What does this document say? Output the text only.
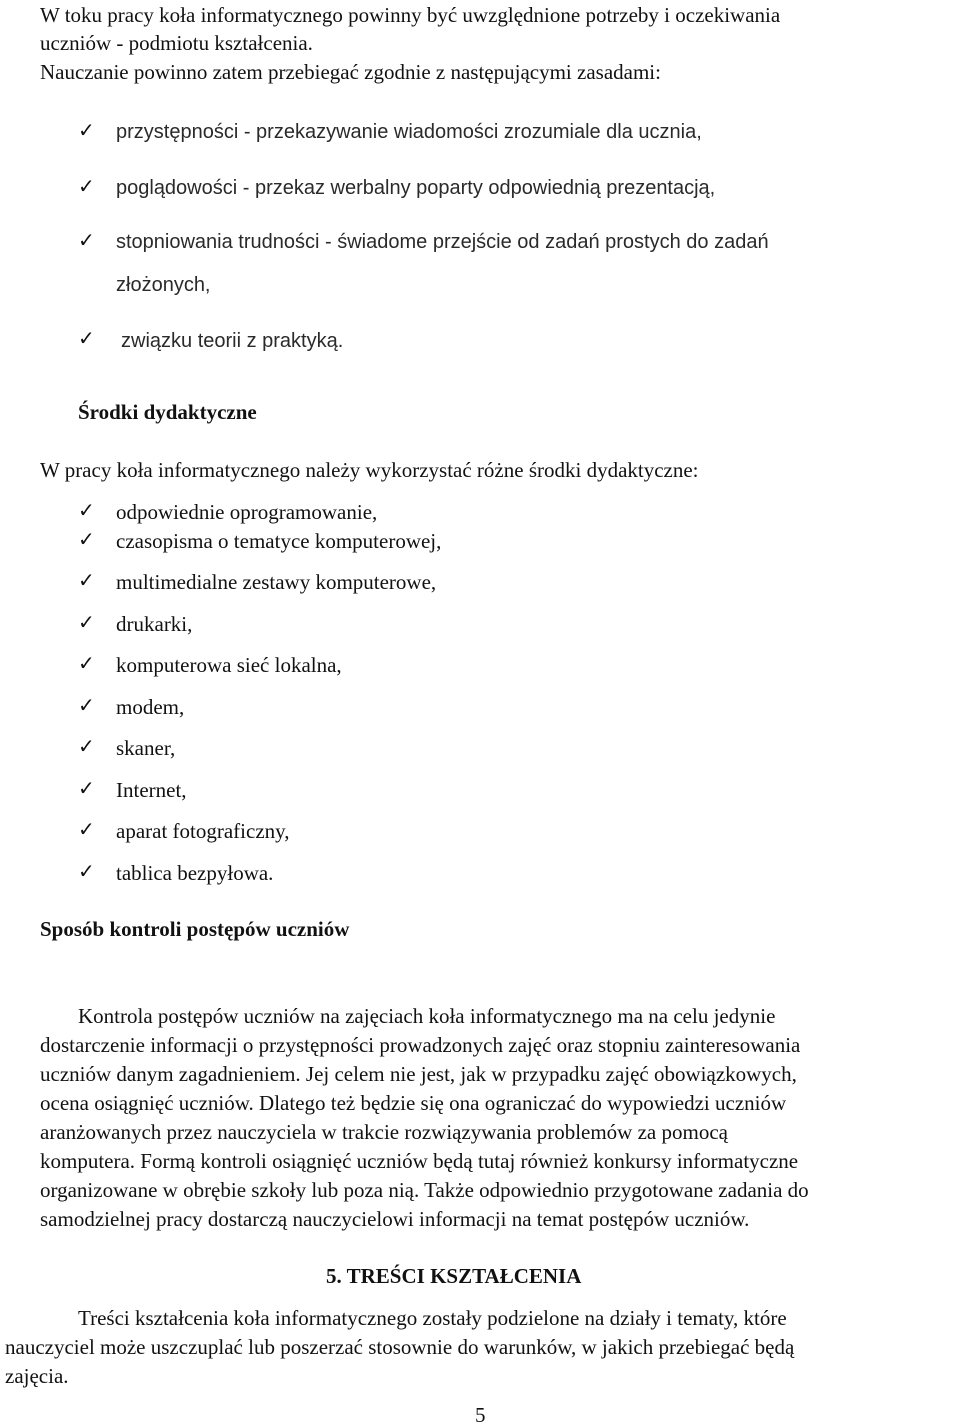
W toku pracy koła informatycznego powinny być uwzględnione potrzeby i oczekiwania
uczniów - podmiotu kształcenia.
Nauczanie powinno zatem przebiegać zgodnie z następującymi zasadami:
✓ przystępności - przekazywanie wiadomości zrozumiale dla ucznia,
✓ poglądowości - przekaz werbalny poparty odpowiednią prezentacją,
✓ stopniowania trudności - świadome przejście od zadań prostych do zadań
złożonych,
✓ związku teorii z praktyką.
Środki dydaktyczne
W pracy koła informatycznego należy wykorzystać różne środki dydaktyczne:
✓ odpowiednie oprogramowanie,
✓ czasopisma o tematyce komputerowej,
✓ multimedialne zestawy komputerowe,
✓ drukarki,
✓ komputerowa sieć lokalna,
✓ modem,
✓ skaner,
✓ Internet,
✓ aparat fotograficzny,
✓ tablica bezpyłowa.
Sposób kontroli postępów uczniów
Kontrola postępów uczniów na zajęciach koła informatycznego ma na celu jedynie
dostarczenie informacji o przystępności prowadzonych zajęć oraz stopniu zainteresowania
uczniów danym zagadnieniem. Jej celem nie jest, jak w przypadku zajęć obowiązkowych,
ocena osiągnięć uczniów. Dlatego też będzie się ona ograniczać do wypowiedzi uczniów
aranżowanych przez nauczyciela w trakcie rozwiązywania problemów za pomocą
komputera. Formą kontroli osiągnięć uczniów będą tutaj również konkursy informatyczne
organizowane w obrębie szkoły lub poza nią. Także odpowiednio przygotowane zadania do
samodzielnej pracy dostarczą nauczycielowi informacji na temat postępów uczniów.
5. TREŚCI KSZTAŁCENIA
Treści kształcenia koła informatycznego zostały podzielone na działy i tematy, które
nauczyciel może uszczuplać lub poszerzać stosownie do warunków, w jakich przebiegać będą
zajęcia.
5
